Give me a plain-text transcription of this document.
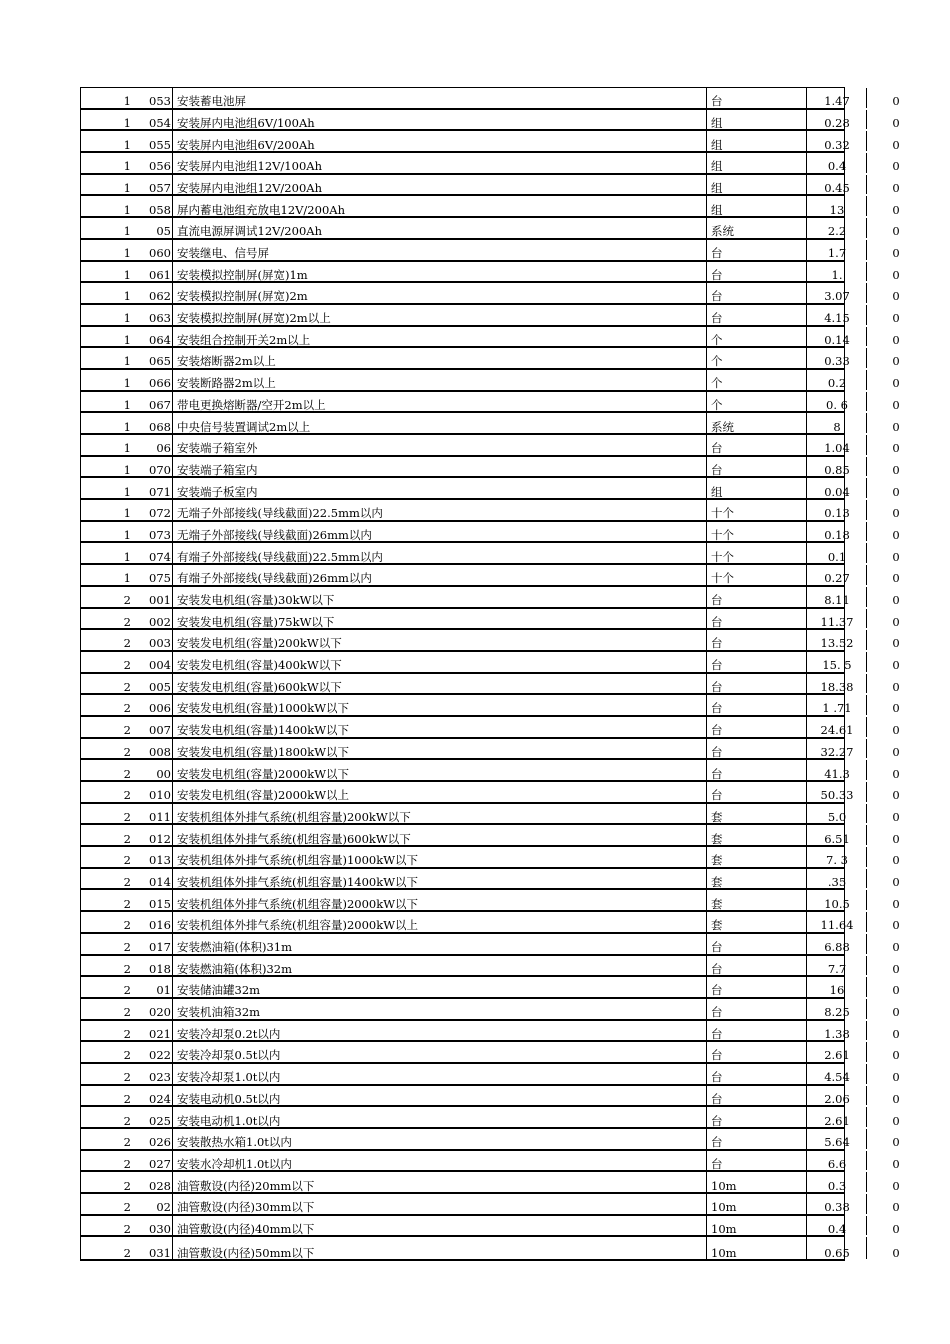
1	053 安装蓄电池屏	台	1.47	0
1	054 安装屏内电池组6V/100Ah	组	0.28	0
1	055 安装屏内电池组6V/200Ah	组	0.32	0
1	056 安装屏内电池组12V/100Ah	组	0.4	0
1	057 安装屏内电池组12V/200Ah	组	0.45	0
1	058 屏内蓄电池组充放电12V/200Ah	组	13	0
1	05 直流电源屏调试12V/200Ah	系统	2.2	0
1	060 安装继电、信号屏	台	1.7	0
1	061 安装模拟控制屏(屏宽)1m	台	1.	0
1	062 安装模拟控制屏(屏宽)2m	台	3.07	0
1	063 安装模拟控制屏(屏宽)2m以上	台	4.15	0
1	064 安装组合控制开关2m以上	个	0.14	0
1	065 安装熔断器2m以上	个	0.33	0
1	066 安装断路器2m以上	个	0.2	0
1	067 带电更换熔断器/空开2m以上	个	0. 6	0
1	068 中央信号装置调试2m以上	系统	8	0
1	06 安装端子箱室外	台	1.04	0
1	070 安装端子箱室内	台	0.85	0
1	071 安装端子板室内	组	0.04	0
1	072 无端子外部接线(导线截面)22.5mm以内	十个	0.13	0
1	073 无端子外部接线(导线截面)26mm以内	十个	0.18	0
1	074 有端子外部接线(导线截面)22.5mm以内	十个	0.1	0
1	075 有端子外部接线(导线截面)26mm以内	十个	0.27	0
2	001 安装发电机组(容量)30kW以下	台	8.11	0
2	002 安装发电机组(容量)75kW以下	台	11.37	0
2	003 安装发电机组(容量)200kW以下	台	13.52	0
2	004 安装发电机组(容量)400kW以下	台	15. 5	0
2	005 安装发电机组(容量)600kW以下	台	18.38	0
2	006 安装发电机组(容量)1000kW以下	台	1 .71	0
2	007 安装发电机组(容量)1400kW以下	台	24.61	0
2	008 安装发电机组(容量)1800kW以下	台	32.27	0
2	00 安装发电机组(容量)2000kW以下	台	41.3	0
2	010 安装发电机组(容量)2000kW以上	台	50.33	0
2	011 安装机组体外排气系统(机组容量)200kW以下	套	5.0	0
2	012 安装机组体外排气系统(机组容量)600kW以下	套	6.51	0
2	013 安装机组体外排气系统(机组容量)1000kW以下	套	7. 3	0
2	014 安装机组体外排气系统(机组容量)1400kW以下	套	.35	0
2	015 安装机组体外排气系统(机组容量)2000kW以下	套	10.5	0
2	016 安装机组体外排气系统(机组容量)2000kW以上	套	11.64	0
2	017 安装燃油箱(体积)31m	台	6.88	0
2	018 安装燃油箱(体积)32m	台	7.7	0
2	01 安装储油罐32m	台	16	0
2	020 安装机油箱32m	台	8.25	0
2	021 安装冷却泵0.2t以内	台	1.38	0
2	022 安装冷却泵0.5t以内	台	2.61	0
2	023 安装冷却泵1.0t以内	台	4.54	0
2	024 安装电动机0.5t以内	台	2.06	0
2	025 安装电动机1.0t以内	台	2.61	0
2	026 安装散热水箱1.0t以内	台	5.64	0
2	027 安装水冷却机1.0t以内	台	6.6	0
2	028 油管敷设(内径)20mm以下	10m	0.3	0
2	02 油管敷设(内径)30mm以下	10m	0.38	0
2	030 油管敷设(内径)40mm以下	10m	0.4	0
2	031 油管敷设(内径)50mm以下	10m	0.65	0
